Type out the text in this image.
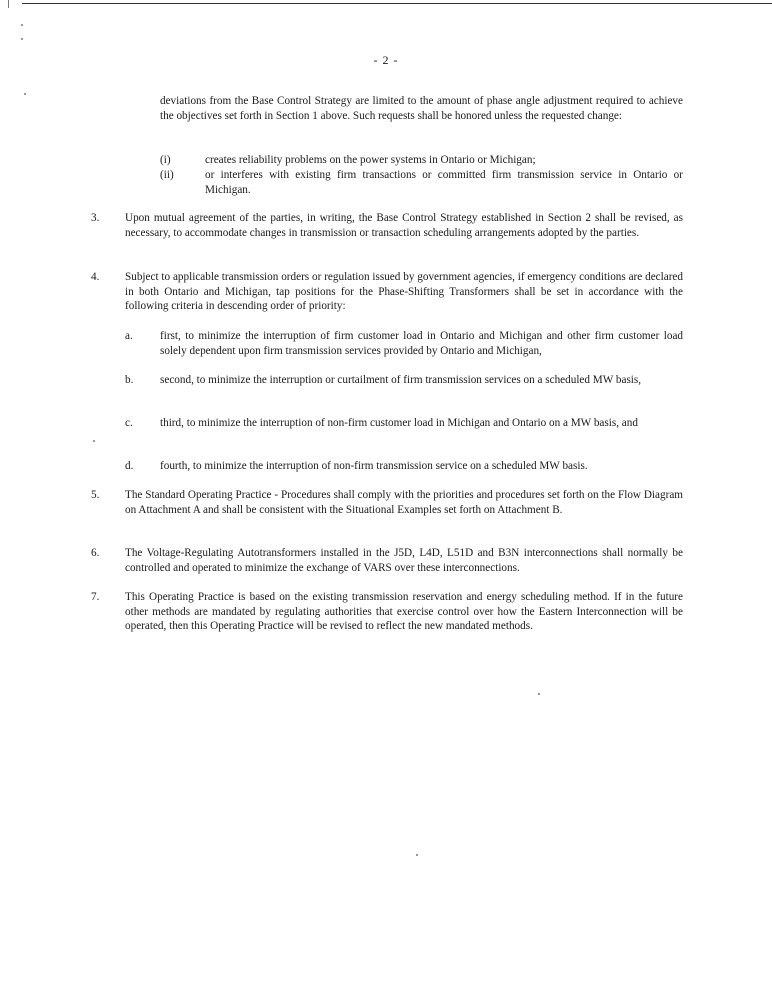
- 2 -

deviations from the Base Control Strategy are limited to the amount of phase angle adjustment required to achieve the objectives set forth in Section 1 above. Such requests shall be honored unless the requested change:

(i)	creates reliability problems on the power systems in Ontario or Michigan;

(ii)	or interferes with existing firm transactions or committed firm transmission service in Ontario or Michigan.

3. Upon mutual agreement of the parties, in writing, the Base Control Strategy established in Section 2 shall be revised, as necessary, to accommodate changes in transmission or transaction scheduling arrangements adopted by the parties.

4. Subject to applicable transmission orders or regulation issued by government agencies, if emergency conditions are declared in both Ontario and Michigan, tap positions for the Phase-Shifting Transformers shall be set in accordance with the following criteria in descending order of priority:

a. first, to minimize the interruption of firm customer load in Ontario and Michigan and other firm customer load solely dependent upon firm transmission services provided by Ontario and Michigan,

b. second, to minimize the interruption or curtailment of firm transmission services on a scheduled MW basis,

c. third, to minimize the interruption of non-firm customer load in Michigan and Ontario on a MW basis, and

d. fourth, to minimize the interruption of non-firm transmission service on a scheduled MW basis.

5. The Standard Operating Practice - Procedures shall comply with the priorities and procedures set forth on the Flow Diagram on Attachment A and shall be consistent with the Situational Examples set forth on Attachment B.

6. The Voltage-Regulating Autotransformers installed in the J5D, L4D, L51D and B3N interconnections shall normally be controlled and operated to minimize the exchange of VARS over these interconnections.

7. This Operating Practice is based on the existing transmission reservation and energy scheduling method. If in the future other methods are mandated by regulating authorities that exercise control over how the Eastern Interconnection will be operated, then this Operating Practice will be revised to reflect the new mandated methods.
